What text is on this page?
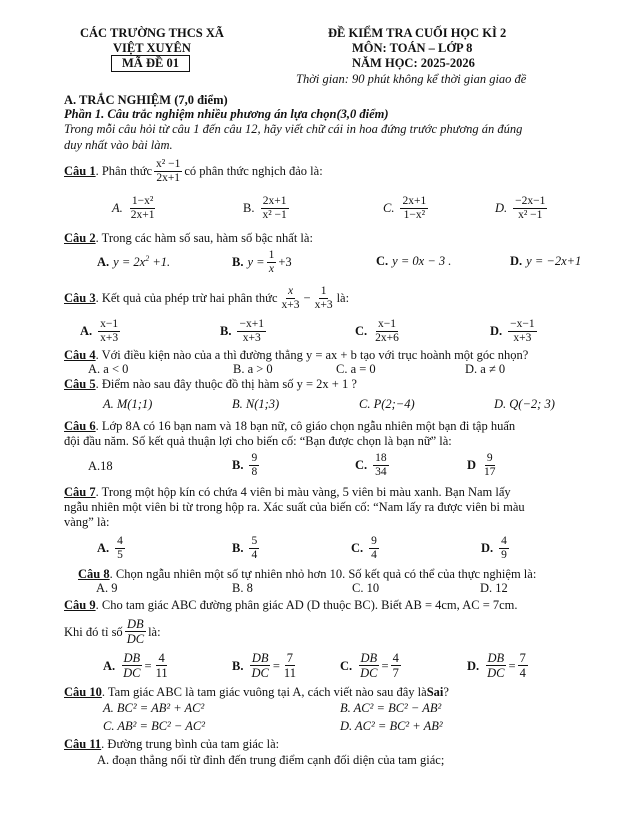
CÁC TRƯỜNG THCS XÃ
VIỆT XUYÊN
MÃ ĐỀ 01
ĐỀ KIỂM TRA CUỐI HỌC KÌ 2
MÔN: TOÁN – LỚP 8
NĂM HỌC: 2025-2026
Thời gian: 90 phút không kể thời gian giao đề
A. TRẮC NGHIỆM (7,0 điểm)
Phần 1. Câu trắc nghiệm nhiều phương án lựa chọn(3,0 điểm)
Trong mỗi câu hỏi từ câu 1 đến câu 12, hãy viết chữ cái in hoa đứng trước phương án đúng
duy nhất vào bài làm.
Câu 1 . Phân thức $\frac{\text{x² −1}}{2x+1}$ có phân thức nghịch đảo là:
A. $\frac{\text{1−x²}}{2x+1}$	B. $\frac{2x+1}{\text{x² −1}}$	C. $\frac{2x+1}{\text{1−x²}}$	D. $\frac{-2x-1}{\text{x² −1}}$
Câu 2 . Trong các hàm số sau, hàm số bậc nhất là:
A. $y = 2x^2 +1$.	B. $y = \frac{1}{x} +3$	C. y = 0x − 3 .	D. y = −2x+1
Câu 3 . Kết quả của phép trừ hai phân thức $\frac{x}{x+3} - \frac{1}{x+3}$ là:
A. $\frac{x-1}{x+3}$	B. $\frac{-x+1}{x+3}$	C. $\frac{x-1}{2x+6}$	D. $\frac{-x-1}{x+3}$
Câu 4 . Với điều kiện nào của a thì đường thẳng y = ax + b tạo với trục hoành một góc nhọn?
A. a < 0	B. a > 0	C. a = 0	D. a ≠ 0
Câu 5 . Điểm nào sau đây thuộc đồ thị hàm số y = 2x + 1 ?
A. M(1;1)	B. N(1;3)	C. P(2;−4)	D. Q(−2; 3)
Câu 6 . Lớp 8A có 16 bạn nam và 18 bạn nữ, cô giáo chọn ngẫu nhiên một bạn đi tập huấn
đội đầu năm. Số kết quả thuận lợi cho biến cố: “Bạn được chọn là bạn nữ” là:
A.18	B. $\frac{9}{8}$	C. $\frac{18}{34}$	D $\frac{9}{17}$
Câu 7 . Trong một hộp kín có chứa 4 viên bi màu vàng, 5 viên bi màu xanh. Bạn Nam lấy
ngẫu nhiên một viên bi từ trong hộp ra. Xác suất của biến cố: “Nam lấy ra được viên bi màu
vàng” là:
A. $\frac{4}{5}$	B. $\frac{5}{4}$	C. $\frac{9}{4}$	D. $\frac{4}{9}$
Câu 8 . Chọn ngẫu nhiên một số tự nhiên nhỏ hơn 10. Số kết quả có thể của thực nghiệm là:
A. 9	B. 8	C. 10	D. 12
Câu 9 . Cho tam giác ABC đường phân giác AD (D thuộc BC). Biết AB = 4cm, AC = 7cm.
Khi đó tỉ số $\frac{DB}{DC}$ là:
A. $\frac{DB}{DC} = \frac{4}{11}$	B. $\frac{DB}{DC} = \frac{7}{11}$	C. $\frac{DB}{DC} = \frac{4}{7}$	D. $\frac{DB}{DC} = \frac{7}{4}$
Câu 10 . Tam giác ABC là tam giác vuông tại A, cách viết nào sau đây là Sai ?
A. BC² = AB² + AC²	B. AC² = BC² − AB²
C. AB² = BC² − AC²	D. AC² = BC² + AB²
Câu 11 . Đường trung bình của tam giác là:
A. đoạn thẳng nối từ đỉnh đến trung điểm cạnh đối diện của tam giác;
